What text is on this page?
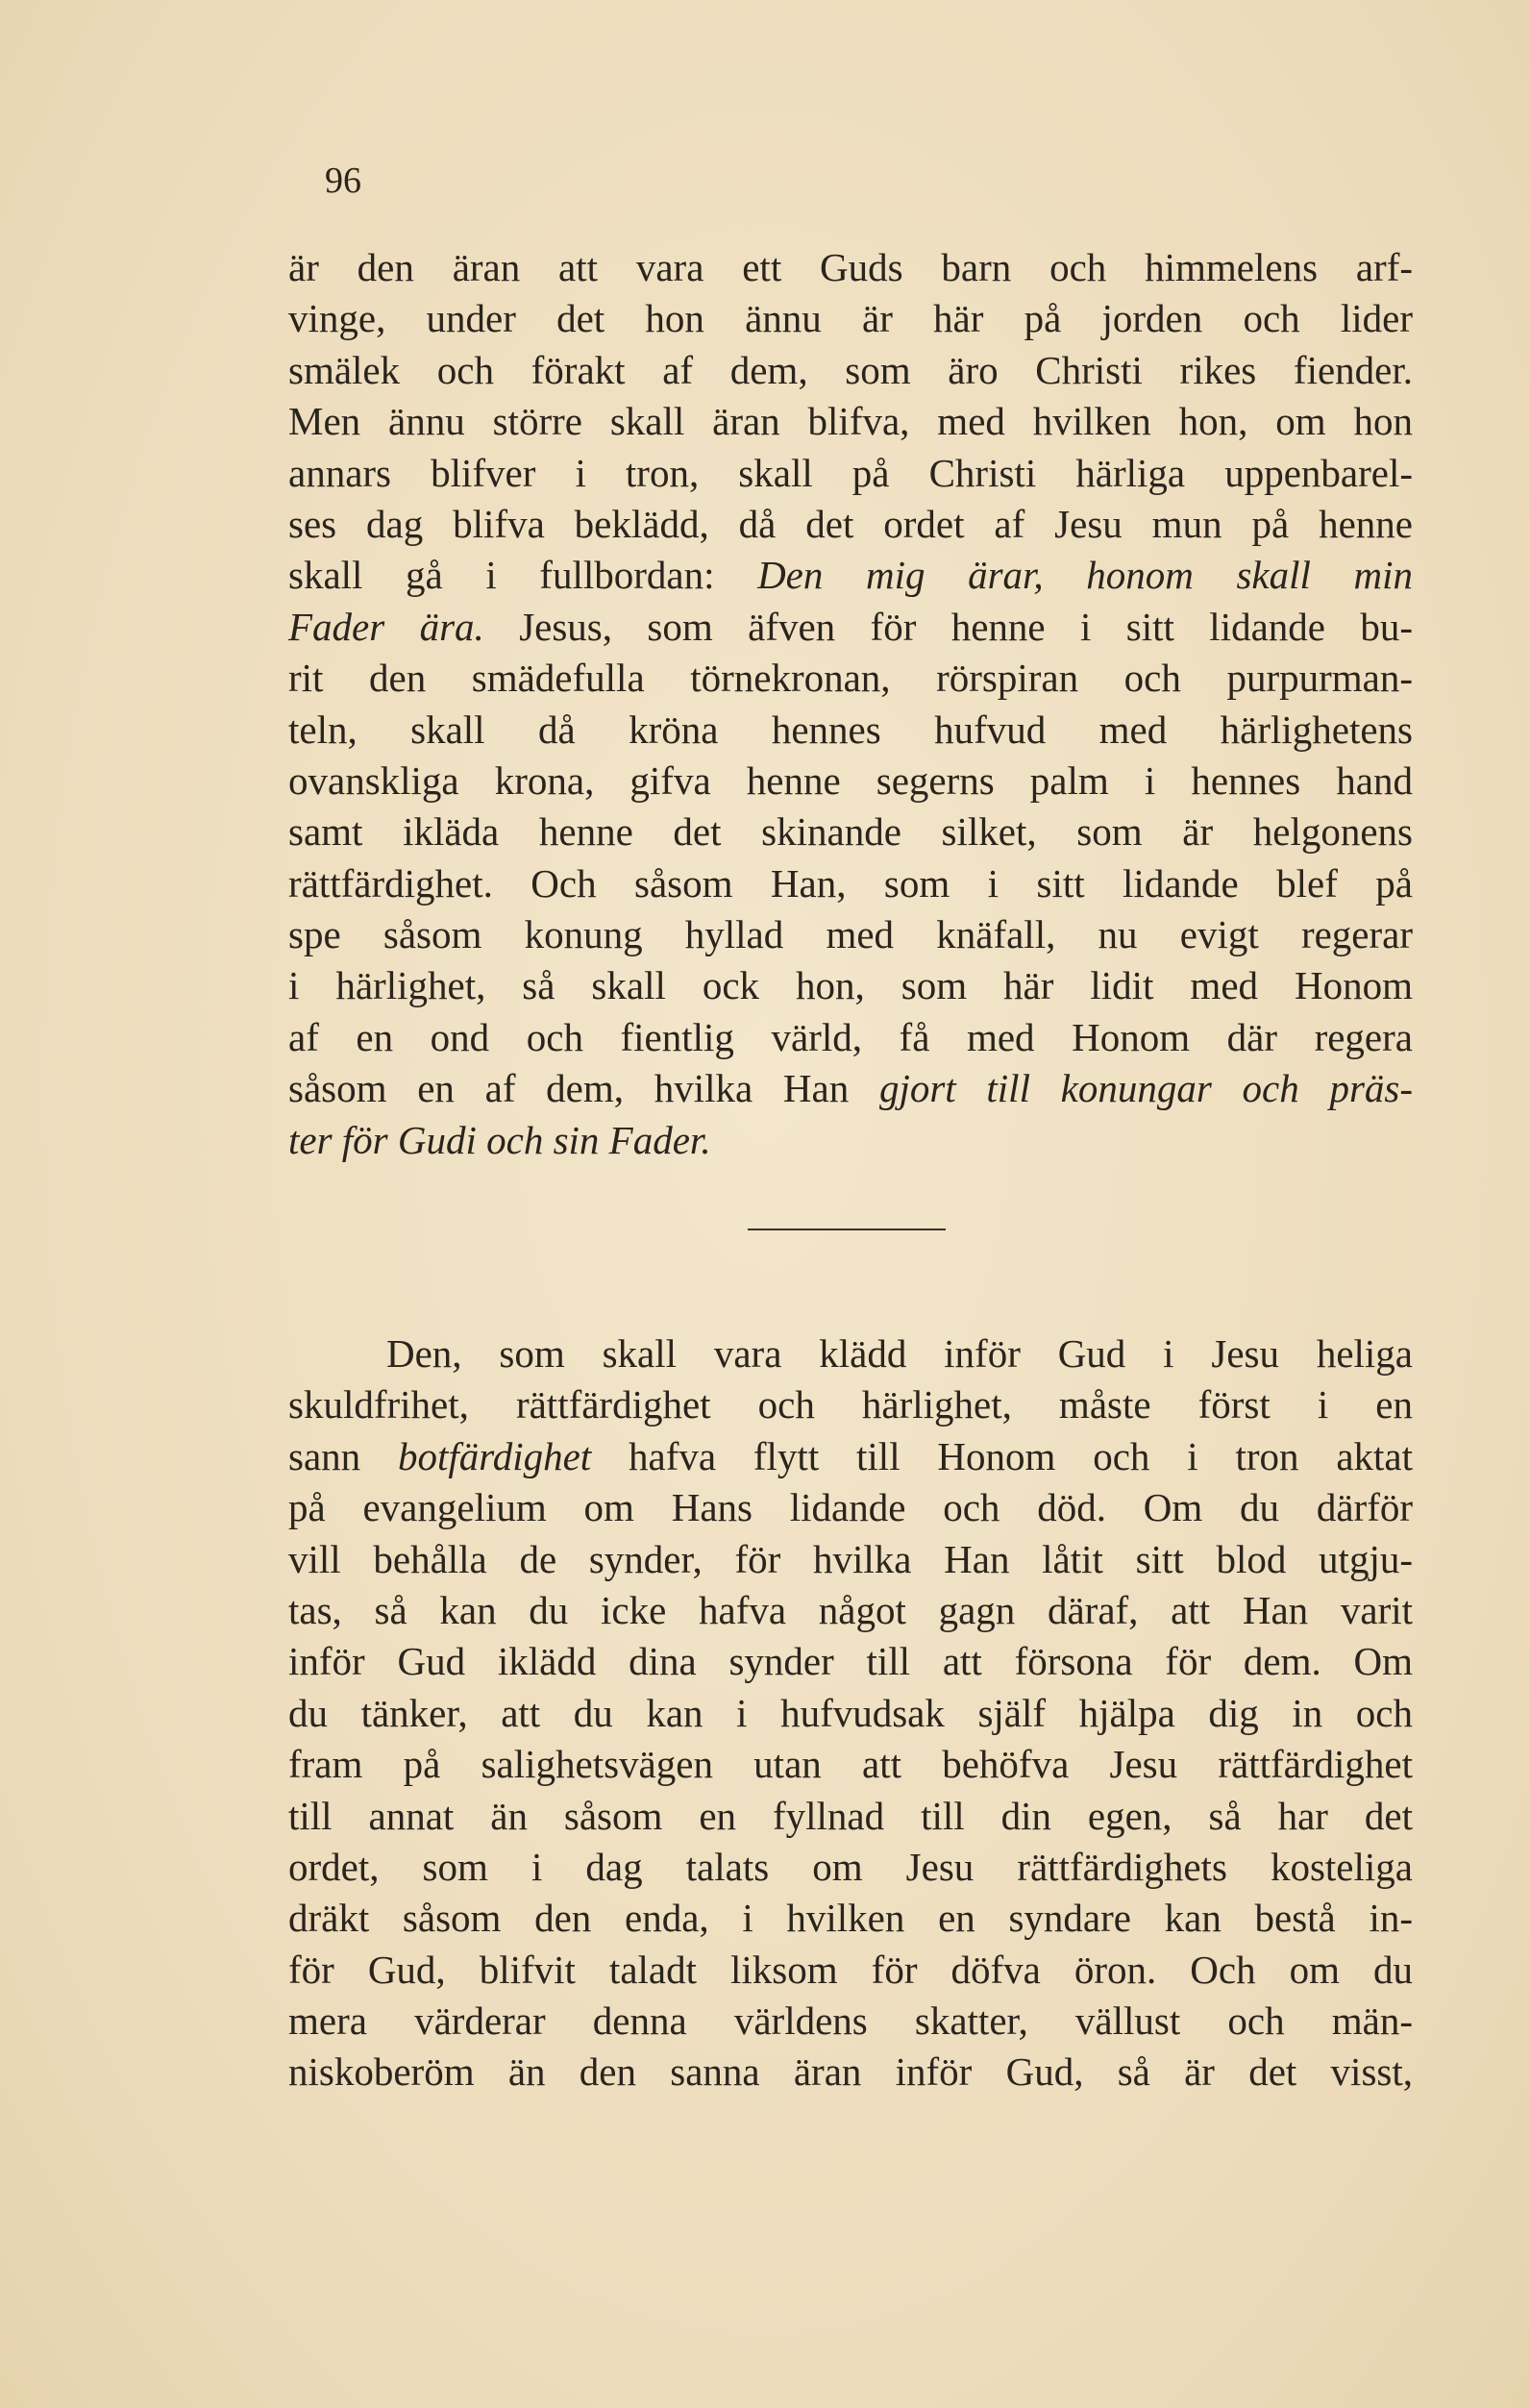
96
är den äran att vara ett Guds barn och himmelens arf-
vinge, under det hon ännu är här på jorden och lider
smälek och förakt af dem, som äro Christi rikes fiender.
Men ännu större skall äran blifva, med hvilken hon, om hon
annars blifver i tron, skall på Christi härliga uppenbarel-
ses dag blifva beklädd, då det ordet af Jesu mun på henne
skall gå i fullbordan: Den mig ärar, honom skall min
Fader ära. Jesus, som äfven för henne i sitt lidande bu-
rit den smädefulla törnekronan, rörspiran och purpurman-
teln, skall då kröna hennes hufvud med härlighetens
ovanskliga krona, gifva henne segerns palm i hennes hand
samt ikläda henne det skinande silket, som är helgonens
rättfärdighet. Och såsom Han, som i sitt lidande blef på
spe såsom konung hyllad med knäfall, nu evigt regerar
i härlighet, så skall ock hon, som här lidit med Honom
af en ond och fientlig värld, få med Honom där regera
såsom en af dem, hvilka Han gjort till konungar och präs-
ter för Gudi och sin Fader.
Den, som skall vara klädd inför Gud i Jesu heliga
skuldfrihet, rättfärdighet och härlighet, måste först i en
sann botfärdighet hafva flytt till Honom och i tron aktat
på evangelium om Hans lidande och död. Om du därför
vill behålla de synder, för hvilka Han låtit sitt blod utgju-
tas, så kan du icke hafva något gagn däraf, att Han varit
inför Gud iklädd dina synder till att försona för dem. Om
du tänker, att du kan i hufvudsak själf hjälpa dig in och
fram på salighetsvägen utan att behöfva Jesu rättfärdighet
till annat än såsom en fyllnad till din egen, så har det
ordet, som i dag talats om Jesu rättfärdighets kosteliga
dräkt såsom den enda, i hvilken en syndare kan bestå in-
för Gud, blifvit taladt liksom för döfva öron. Och om du
mera värderar denna världens skatter, vällust och män-
niskoberöm än den sanna äran inför Gud, så är det visst,
